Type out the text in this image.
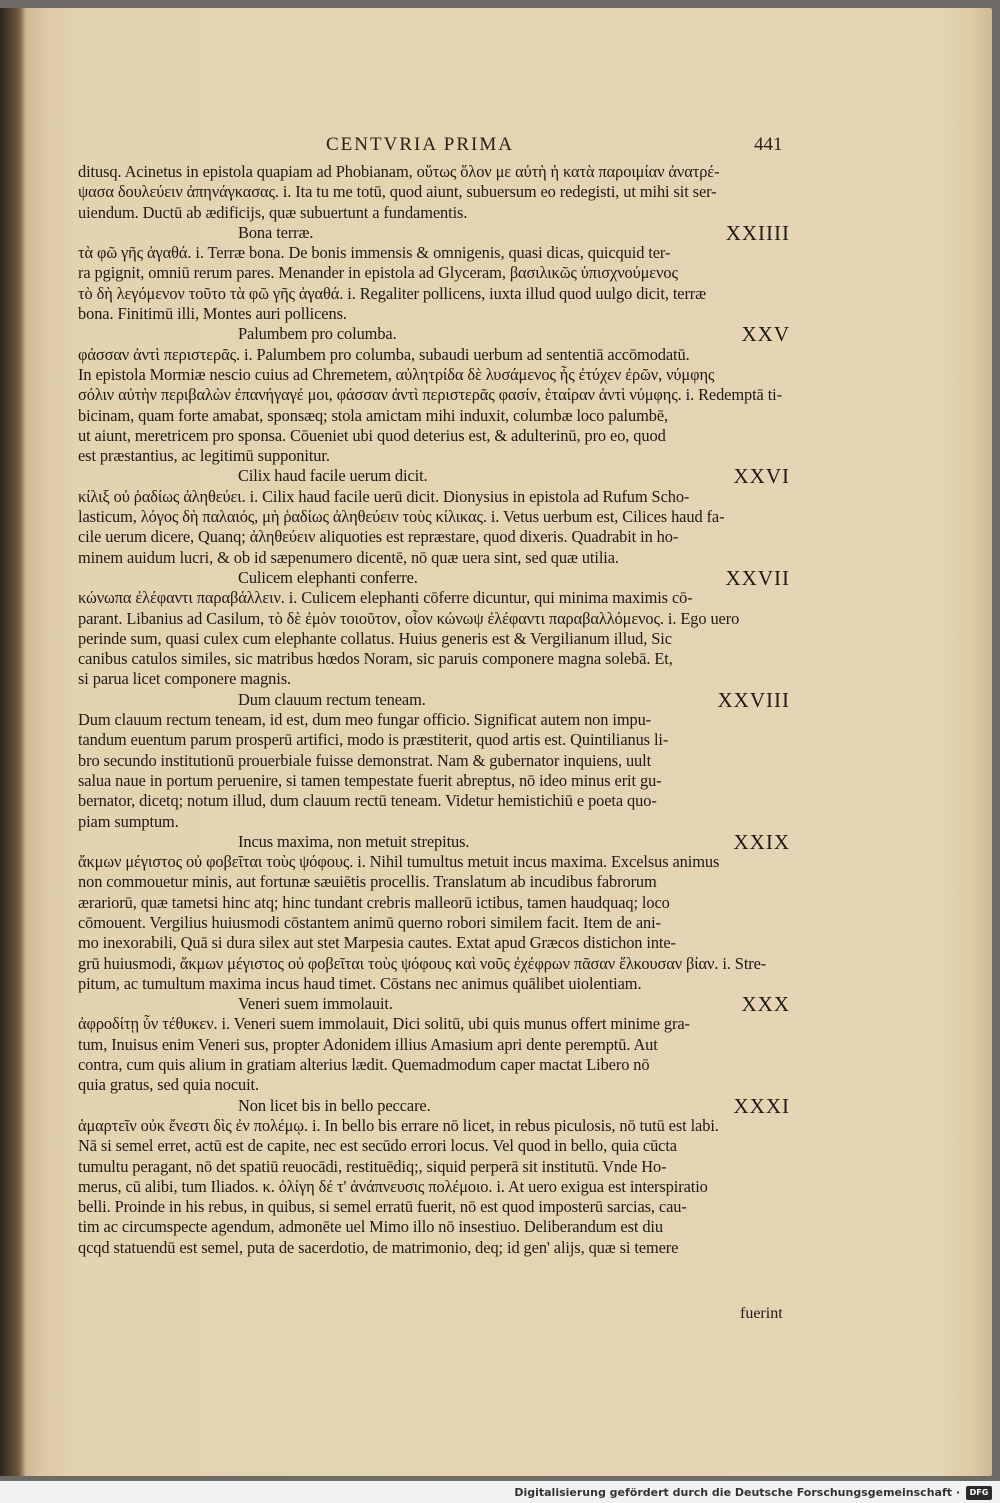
CENTVRIA PRIMA	441
ditusq. Acinetus in epistola quapiam ad Phobianam, οὕτως ὅλον με αὐτὴ ἡ κατὰ παροιμίαν ἀνατρέ-
ψασα δουλεύειν ἀπηνάγκασας. i. Ita tu me totū, quod aiunt, subuersum eo redegisti, ut mihi sit ser-
uiendum. Ductū ab ædificijs, quæ subuertunt a fundamentis.
Bona terræ.	XXIIII
τὰ φῶ γῆς ἀγαθά. i. Terræ bona. De bonis immensis & omnigenis, quasi dicas, quicquid ter-
ra pgignit, omniū rerum pares. Menander in epistola ad Glyceram, βασιλικῶς ὑπισχνούμενος
τὸ δὴ λεγόμενον τοῦτο τὰ φῶ γῆς ἀγαθά. i. Regaliter pollicens, iuxta illud quod uulgo dicit, terræ
bona. Finitimū illi, Montes auri pollicens.
Palumbem pro columba.	XXV
φάσσαν ἀντὶ περιστερᾶς. i. Palumbem pro columba, subaudi uerbum ad sententiā accōmodatū.
In epistola Mormiæ nescio cuius ad Chremetem, αὐλητρίδα δὲ λυσάμενος ἧς ἐτύχεν ἐρῶν, νύμφης
σόλιν αὐτὴν περιβαλὼν ἐπανήγαγέ μοι, φάσσαν ἀντὶ περιστερᾶς φασίν, ἑταίραν ἀντὶ νύμφης. i. Redemptā ti-
bicinam, quam forte amabat, sponsæq; stola amictam mihi induxit, columbæ loco palumbē,
ut aiunt, meretricem pro sponsa. Cōueniet ubi quod deterius est, & adulterinū, pro eo, quod
est præstantius, ac legitimū supponitur.
Cilix haud facile uerum dicit.	XXVI
κίλιξ οὐ ῥαδίως ἀληθεύει. i. Cilix haud facile uerū dicit. Dionysius in epistola ad Rufum Scho-
lasticum, λόγος δὴ παλαιός, μὴ ῥαδίως ἀληθεύειν τοὺς κίλικας. i. Vetus uerbum est, Cilices haud fa-
cile uerum dicere, Quanq; ἀληθεύειν aliquoties est repræstare, quod dixeris. Quadrabit in ho-
minem auidum lucri, & ob id sæpenumero dicentē, nō quæ uera sint, sed quæ utilia.
Culicem elephanti conferre.	XXVII
κώνωπα ἐλέφαντι παραβάλλειν. i. Culicem elephanti cōferre dicuntur, qui minima maximis cō-
parant. Libanius ad Casilum, τὸ δὲ ἐμὸν τοιοῦτον, οἷον κώνωψ ἐλέφαντι παραβαλλόμενος. i. Ego uero
perinde sum, quasi culex cum elephante collatus. Huius generis est & Vergilianum illud, Sic
canibus catulos similes, sic matribus hœdos Noram, sic paruis componere magna solebā. Et,
si parua licet componere magnis.
Dum clauum rectum teneam.	XXVIII
Dum clauum rectum teneam, id est, dum meo fungar officio. Significat autem non impu-
tandum euentum parum prosperū artifici, modo is præstiterit, quod artis est. Quintilianus li-
bro secundo institutionū prouerbiale fuisse demonstrat. Nam & gubernator inquiens, uult
salua naue in portum peruenire, si tamen tempestate fuerit abreptus, nō ideo minus erit gu-
bernator, dicetq; notum illud, dum clauum rectū teneam. Videtur hemistichiū e poeta quo-
piam sumptum.
Incus maxima, non metuit strepitus.	XXIX
ἄκμων μέγιστος οὐ φοβεῖται τοὺς ψόφους. i. Nihil tumultus metuit incus maxima. Excelsus animus
non commouetur minis, aut fortunæ sæuiētis procellis. Translatum ab incudibus fabrorum
ærariorū, quæ tametsi hinc atq; hinc tundant crebris malleorū ictibus, tamen haudquaq; loco
cōmouent. Vergilius huiusmodi cōstantem animū querno robori similem facit. Item de ani-
mo inexorabili, Quā si dura silex aut stet Marpesia cautes. Extat apud Græcos distichon inte-
grū huiusmodi, ἄκμων μέγιστος οὐ φοβεῖται τοὺς ψόφους καὶ νοῦς ἐχέφρων πᾶσαν ἕλκουσαν βίαν. i. Stre-
pitum, ac tumultum maxima incus haud timet. Cōstans nec animus quālibet uiolentiam.
Veneri suem immolauit.	XXX
ἀφροδίτῃ ὗν τέθυκεν. i. Veneri suem immolauit, Dici solitū, ubi quis munus offert minime gra-
tum, Inuisus enim Veneri sus, propter Adonidem illius Amasium apri dente peremptū. Aut
contra, cum quis alium in gratiam alterius lædit. Quemadmodum caper mactat Libero nō
quia gratus, sed quia nocuit.
Non licet bis in bello peccare.	XXXI
ἁμαρτεῖν οὐκ ἔνεστι δὶς ἐν πολέμῳ. i. In bello bis errare nō licet, in rebus piculosis, nō tutū est labi.
Nā si semel erret, actū est de capite, nec est secūdo errori locus. Vel quod in bello, quia cūcta
tumultu peragant, nō det spatiū reuocādi, restituēdiq;, siquid perperā sit institutū. Vnde Ho-
merus, cū alibi, tum Iliados. κ. ὀλίγη δέ τ' ἀνάπνευσις πολέμοιο. i. At uero exigua est interspiratio
belli. Proinde in his rebus, in quibus, si semel erratū fuerit, nō est quod imposterū sarcias, cau-
tim ac circumspecte agendum, admonēte uel Mimo illo nō insestiuo. Deliberandum est diu
qcqd statuendū est semel, puta de sacerdotio, de matrimonio, deq; id gen' alijs, quæ si temere
fuerint
Digitalisierung gefördert durch die Deutsche Forschungsgemeinschaft ·	DFG
